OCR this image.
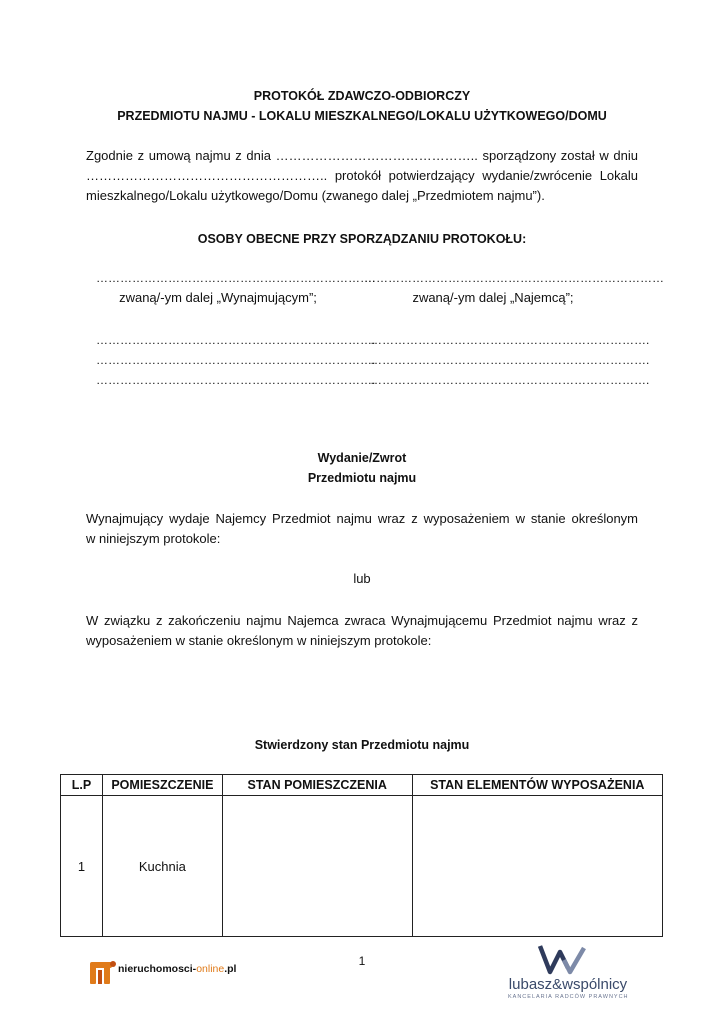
PROTOKÓŁ ZDAWCZO-ODBIORCZY
PRZEDMIOTU NAJMU - LOKALU MIESZKALNEGO/LOKALU UŻYTKOWEGO/DOMU
Zgodnie z umową najmu z dnia ……………………………………….. sporządzony został w dniu
……………………………………………….. protokół potwierdzający wydanie/zwrócenie Lokalu
mieszkalnego/Lokalu użytkowego/Domu (zwanego dalej „Przedmiotem najmu”).
OSOBY OBECNE PRZY SPORZĄDZANIU PROTOKOŁU:
…………………………………………………………….
…………………………………………………………………
zwaną/-ym dalej „Wynajmującym”;	zwaną/-ym dalej „Najemcą”;
…………………………………………………………….
…………………………………………………………….
…………………………………………………………….
…………………………………………………………….
…………………………………………………………….
…………………………………………………………….
Wydanie/Zwrot
Przedmiotu najmu
Wynajmujący wydaje Najemcy Przedmiot najmu wraz z wyposażeniem w stanie określonym
w niniejszym protokole:
lub
W związku z zakończeniu najmu Najemca zwraca Wynajmującemu Przedmiot najmu wraz z
wyposażeniem w stanie określonym w niniejszym protokole:
Stwierdzony stan Przedmiotu najmu
L.P	POMIESZCZENIE	STAN POMIESZCZENIA	STAN ELEMENTÓW WYPOSAŻENIA
1	Kuchnia		
1
nieruchomosci-online.pl
lubasz&wspólnicy
KANCELARIA RADCÓW PRAWNYCH
